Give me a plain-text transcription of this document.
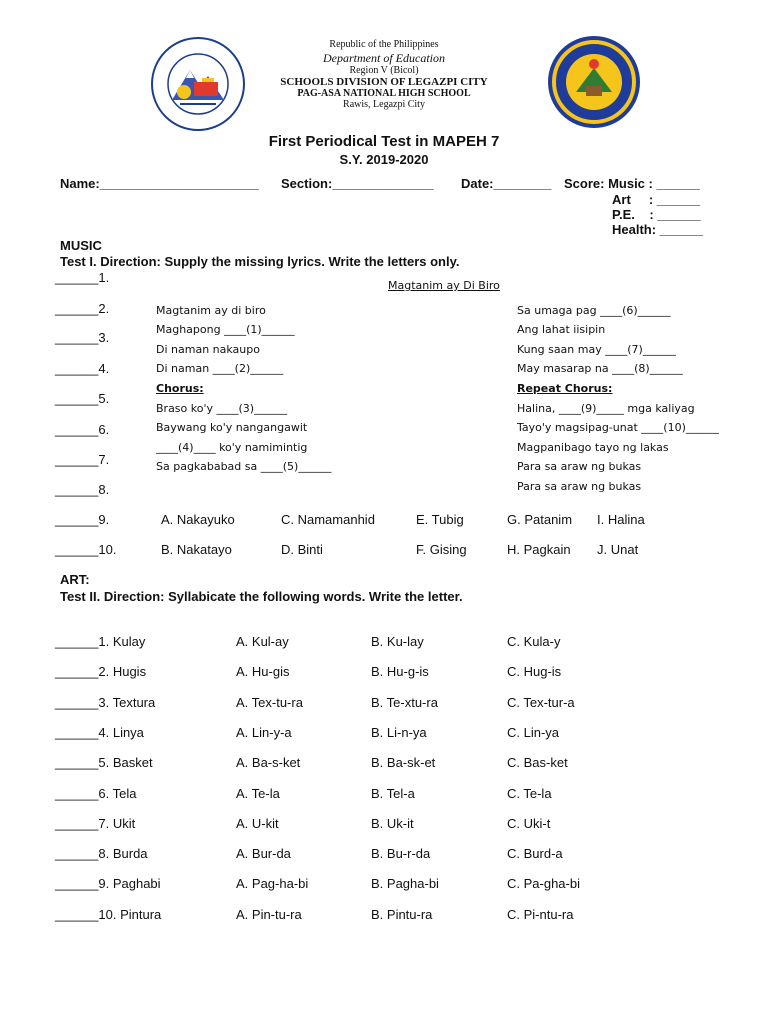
Republic of the Philippines
Department of Education
Region V (Bicol)
SCHOOLS DIVISION OF LEGAZPI CITY
PAG-ASA NATIONAL HIGH SCHOOL
Rawis, Legazpi City
First Periodical Test in MAPEH 7
S.Y. 2019-2020
Name:______________________ Section:______________ Date:________ Score: Music : ______
Art     : ______
P.E.    : ______
Health: ______
MUSIC
Test I. Direction: Supply the missing lyrics. Write the letters only.
______1.
______2.
______3.
______4.
______5.
______6.
______7.
______8.
______9.
______10.
Magtanim ay Di Biro
Magtanim ay di biro
Maghapong ____(1)______
Di naman nakaupo
Di naman ____(2)______
Chorus:
Braso ko'y ____(3)______
Baywang ko'y nangangawit
____(4)____ ko'y namimintig
Sa pagkababad sa ____(5)______
Sa umaga pag ____(6)______
Ang lahat iisipin
Kung saan may ____(7)______
May masarap na ____(8)______
Repeat Chorus:
Halina, ____(9)_____ mga kaliyag
Tayo'y magsipag-unat ____(10)______
Magpanibago tayo ng lakas
Para sa araw ng bukas
Para sa araw ng bukas
A. Nakayuko	C. Namamanhid	E. Tubig	G. Patanim I. Halina
B. Nakatayo	D. Binti	F. Gising	H. Pagkain J. Unat
ART:
Test II. Direction: Syllabicate the following words. Write the letter.
______1. Kulay	A. Kul-ay	B. Ku-lay	C. Kula-y
______2. Hugis	A. Hu-gis	B. Hu-g-is	C. Hug-is
______3. Textura	A. Tex-tu-ra	B. Te-xtu-ra	C. Tex-tur-a
______4. Linya	A. Lin-y-a	B. Li-n-ya	C. Lin-ya
______5. Basket	A. Ba-s-ket	B. Ba-sk-et	C. Bas-ket
______6. Tela	A. Te-la	B. Tel-a	C. Te-la
______7. Ukit	A. U-kit	B. Uk-it	C. Uki-t
______8. Burda	A. Bur-da	B. Bu-r-da	C. Burd-a
______9. Paghabi	A. Pag-ha-bi	B. Pagha-bi	C. Pa-gha-bi
______10. Pintura	A. Pin-tu-ra	B. Pintu-ra	C. Pi-ntu-ra
